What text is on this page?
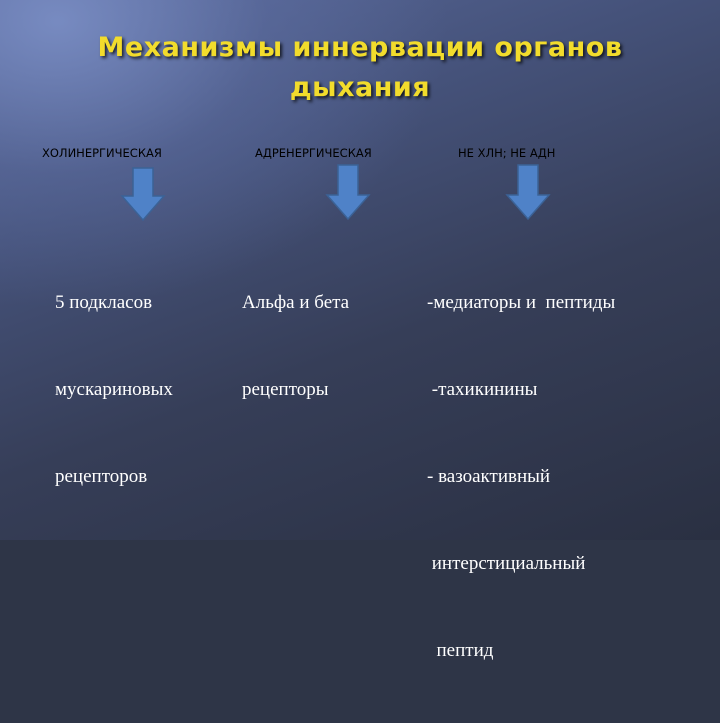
Механизмы иннервации органов
дыхания
ХОЛИНЕРГИЧЕСКАЯ	АДРЕНЕРГИЧЕСКАЯ	НЕ ХЛН; НЕ АДН

5 подкласов

мускариновых

рецепторов

Альфа и бета

рецепторы

-медиаторы и  пептиды

-тахикинины

- вазоактивный

интерстициальный

пептид
